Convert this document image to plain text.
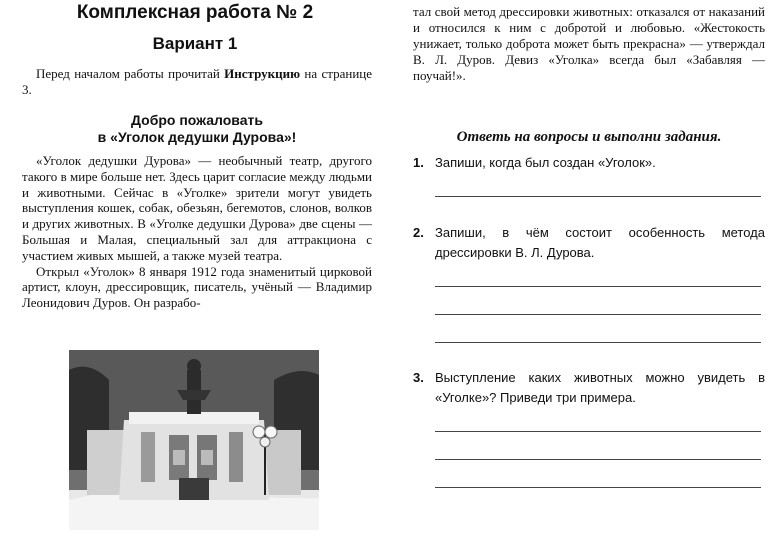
Комплексная работа № 2
Вариант 1
Перед началом работы прочитай Инструкцию на странице 3.
Добро пожаловать
в «Уголок дедушки Дурова»!

«Уголок дедушки Дурова» — необычный театр, другого такого в мире больше нет. Здесь царит согласие между людьми и животными. Сейчас в «Уголке» зрители могут увидеть выступления кошек, собак, обезьян, бегемотов, слонов, волков и других животных. В «Уголке дедушки Дурова» две сцены — Большая и Малая, специальный зал для аттракциона с участием живых мышей, а также музей театра.

Открыл «Уголок» 8 января 1912 года знаменитый цирковой артист, клоун, дрессировщик, писатель, учёный — Владимир Леонидович Дуров. Он разрабо-

тал свой метод дрессировки животных: отказался от наказаний и относился к ним с добротой и любовью. «Жестокость унижает, только доброта может быть прекрасна» — утверждал В. Л. Дуров. Девиз «Уголка» всегда был «Забавляя — поучай!».
Ответь на вопросы и выполни задания.
1. Запиши, когда был создан «Уголок».
2. Запиши, в чём состоит особенность метода дрессировки В. Л. Дурова.
3. Выступление каких животных можно увидеть в «Уголке»? Приведи три примера.
